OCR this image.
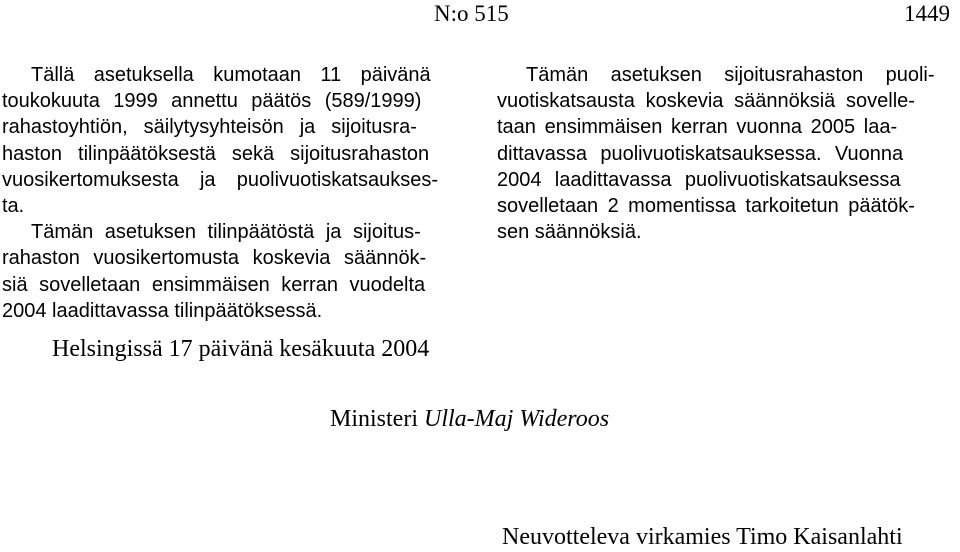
N:o 515	1449
Tällä asetuksella kumotaan 11 päivänä
toukokuuta 1999 annettu päätös (589/1999)
rahastoyhtiön, säilytysyhteisön ja sijoitusra-
haston tilinpäätöksestä sekä sijoitusrahaston
vuosikertomuksesta ja puolivuotiskatsaukses-
ta.
Tämän asetuksen tilinpäätöstä ja sijoitus-
rahaston vuosikertomusta koskevia säännök-
siä sovelletaan ensimmäisen kerran vuodelta
2004 laadittavassa tilinpäätöksessä.
Tämän asetuksen sijoitusrahaston puoli-
vuotiskatsausta koskevia säännöksiä sovelle-
taan ensimmäisen kerran vuonna 2005 laa-
dittavassa puolivuotiskatsauksessa. Vuonna
2004 laadittavassa puolivuotiskatsauksessa
sovelletaan 2 momentissa tarkoitetun päätök-
sen säännöksiä.
Helsingissä 17 päivänä kesäkuuta 2004
Ministeri Ulla-Maj Wideroos
Neuvotteleva virkamies Timo Kaisanlahti
